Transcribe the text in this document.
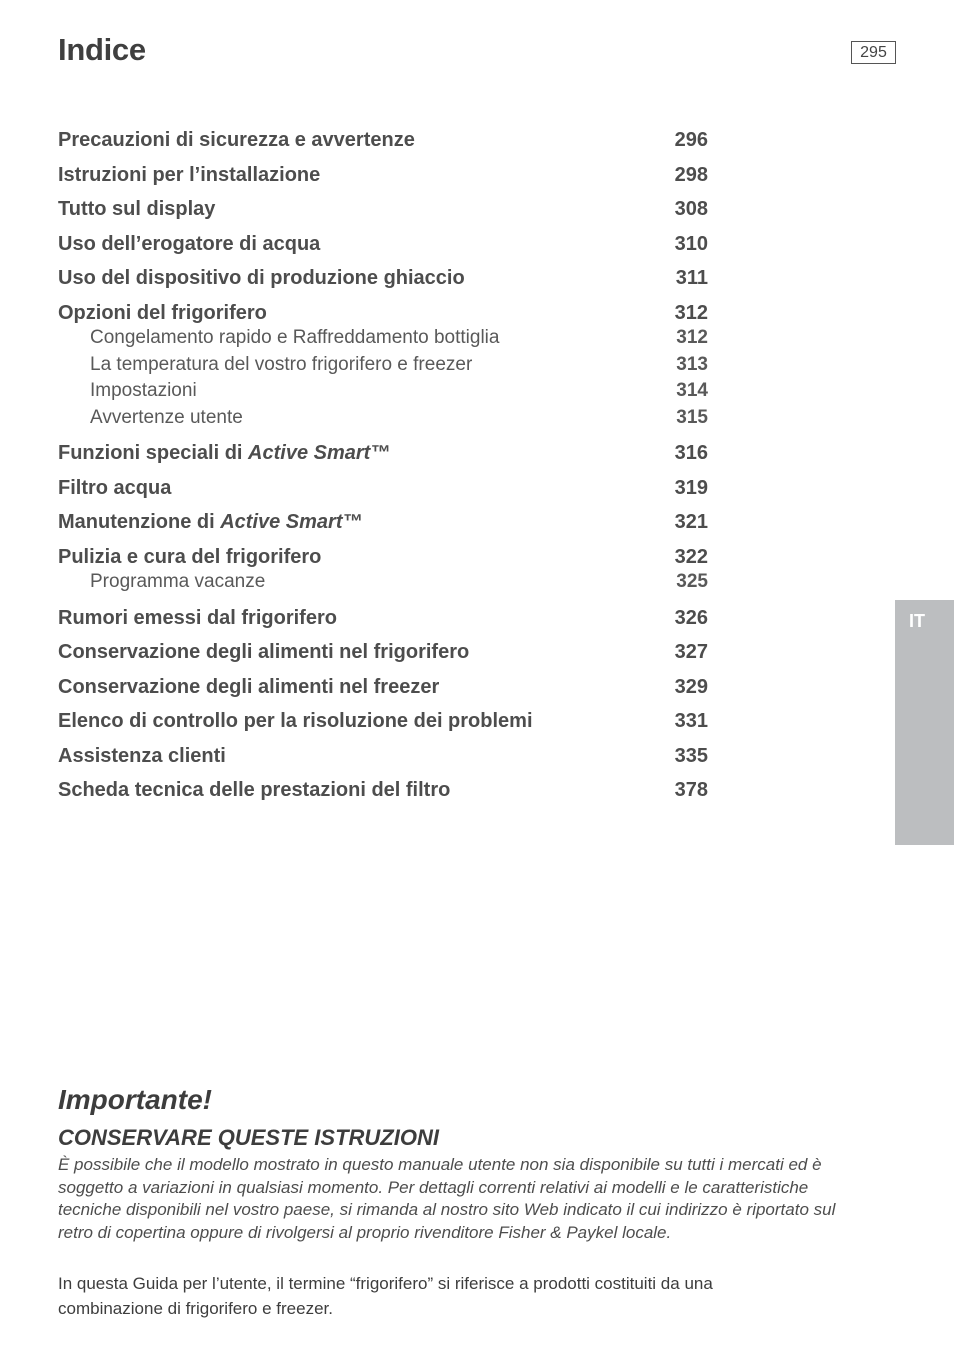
Indice	295
IT
Precauzioni di sicurezza e avvertenze	296
Istruzioni per l’installazione	298
Tutto sul display	308
Uso dell’erogatore di acqua	310
Uso del dispositivo di produzione ghiaccio	311
Opzioni del frigorifero	312
Congelamento rapido e Raffreddamento bottiglia	312
La temperatura del vostro frigorifero e freezer	313
Impostazioni	314
Avvertenze utente	315
Funzioni speciali di Active Smart™	316
Filtro acqua	319
Manutenzione di Active Smart™	321
Pulizia e cura del frigorifero	322
Programma vacanze	325
Rumori emessi dal frigorifero	326
Conservazione degli alimenti nel frigorifero	327
Conservazione degli alimenti nel freezer	329
Elenco di controllo per la risoluzione dei problemi	331
Assistenza clienti	335
Scheda tecnica delle prestazioni del filtro	378
Importante!
CONSERVARE QUESTE ISTRUZIONI

È possibile che il modello mostrato in questo manuale utente non sia disponibile su tutti i mercati ed è soggetto a variazioni in qualsiasi momento. Per dettagli correnti relativi ai modelli e le caratteristiche tecniche disponibili nel vostro paese, si rimanda al nostro sito Web indicato il cui indirizzo è riportato sul retro di copertina oppure di rivolgersi al proprio rivenditore Fisher & Paykel locale.

In questa Guida per l’utente, il termine “frigorifero” si riferisce a prodotti costituiti da una combinazione di frigorifero e freezer.
